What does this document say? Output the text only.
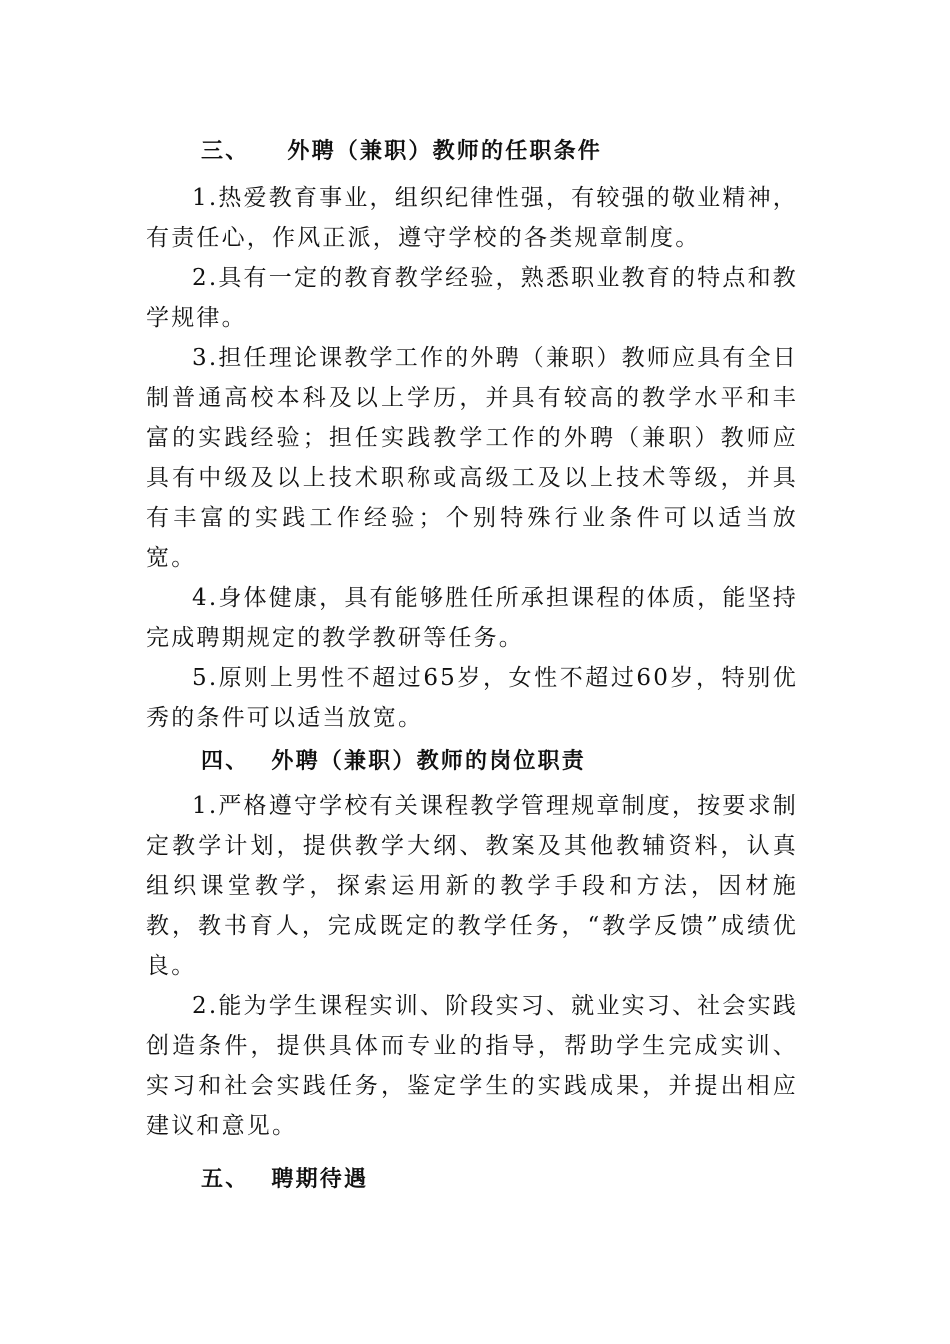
三、 外聘（兼职）教师的任职条件

1.热爱教育事业，组织纪律性强，有较强的敬业精神，有责任心，作风正派，遵守学校的各类规章制度。

2.具有一定的教育教学经验，熟悉职业教育的特点和教学规律。

3.担任理论课教学工作的外聘（兼职）教师应具有全日制普通高校本科及以上学历，并具有较高的教学水平和丰富的实践经验；担任实践教学工作的外聘（兼职）教师应具有中级及以上技术职称或高级工及以上技术等级，并具有丰富的实践工作经验；个别特殊行业条件可以适当放宽。

4.身体健康，具有能够胜任所承担课程的体质，能坚持完成聘期规定的教学教研等任务。

5.原则上男性不超过65岁，女性不超过60岁，特别优秀的条件可以适当放宽。

四、 外聘（兼职）教师的岗位职责

1.严格遵守学校有关课程教学管理规章制度，按要求制定教学计划，提供教学大纲、教案及其他教辅资料，认真组织课堂教学，探索运用新的教学手段和方法，因材施教，教书育人，完成既定的教学任务，“教学反馈”成绩优良。

2.能为学生课程实训、阶段实习、就业实习、社会实践创造条件，提供具体而专业的指导，帮助学生完成实训、实习和社会实践任务，鉴定学生的实践成果，并提出相应建议和意见。

五、 聘期待遇
